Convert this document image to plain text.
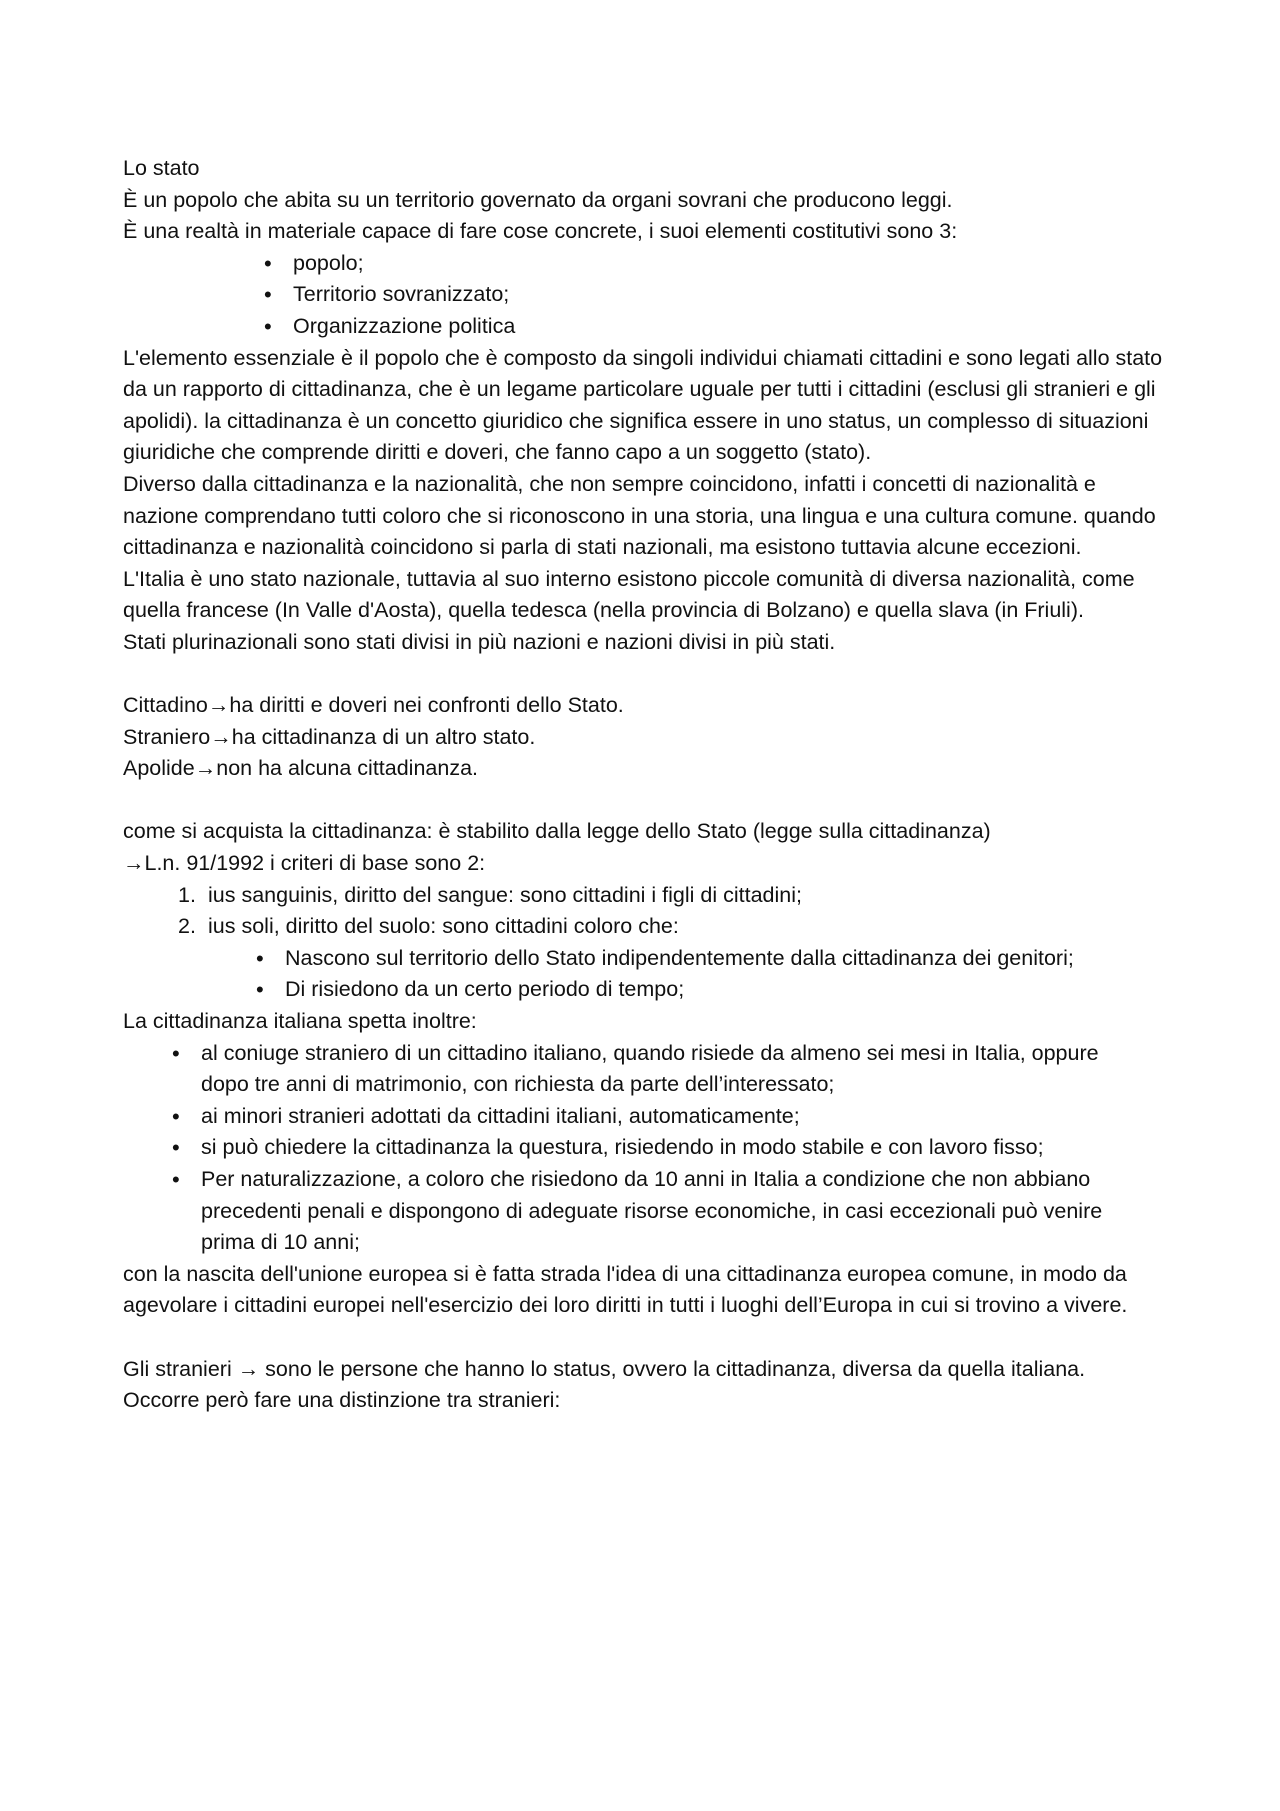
Lo stato
È un popolo che abita su un territorio governato da organi sovrani che producono leggi.
È una realtà in materiale capace di fare cose concrete, i suoi elementi costitutivi sono 3:
• popolo;
• Territorio sovranizzato;
• Organizzazione politica
L'elemento essenziale è il popolo che è composto da singoli individui chiamati cittadini e sono legati allo stato da un rapporto di cittadinanza, che è un legame particolare uguale per tutti i cittadini (esclusi gli stranieri e gli apolidi). la cittadinanza è un concetto giuridico che significa essere in uno status, un complesso di situazioni giuridiche che comprende diritti e doveri, che fanno capo a un soggetto (stato).
Diverso dalla cittadinanza e la nazionalità, che non sempre coincidono, infatti i concetti di nazionalità e nazione comprendano tutti coloro che si riconoscono in una storia, una lingua e una cultura comune. quando cittadinanza e nazionalità coincidono si parla di stati nazionali, ma esistono tuttavia alcune eccezioni.
L'Italia è uno stato nazionale, tuttavia al suo interno esistono piccole comunità di diversa nazionalità, come quella francese (In Valle d'Aosta), quella tedesca (nella provincia di Bolzano) e quella slava (in Friuli).
Stati plurinazionali sono stati divisi in più nazioni e nazioni divisi in più stati.
Cittadino→ha diritti e doveri nei confronti dello Stato.
Straniero→ha cittadinanza di un altro stato.
Apolide→non ha alcuna cittadinanza.
come si acquista la cittadinanza: è stabilito dalla legge dello Stato (legge sulla cittadinanza)
→L.n. 91/1992 i criteri di base sono 2:
1. ius sanguinis, diritto del sangue: sono cittadini i figli di cittadini;
2. ius soli, diritto del suolo: sono cittadini coloro che:
• Nascono sul territorio dello Stato indipendentemente dalla cittadinanza dei genitori;
• Di risiedono da un certo periodo di tempo;
La cittadinanza italiana spetta inoltre:
• al coniuge straniero di un cittadino italiano, quando risiede da almeno sei mesi in Italia, oppure dopo tre anni di matrimonio, con richiesta da parte dell’interessato;
• ai minori stranieri adottati da cittadini italiani, automaticamente;
• si può chiedere la cittadinanza la questura, risiedendo in modo stabile e con lavoro fisso;
• Per naturalizzazione, a coloro che risiedono da 10 anni in Italia a condizione che non abbiano precedenti penali e dispongono di adeguate risorse economiche, in casi eccezionali può venire prima di 10 anni;
con la nascita dell'unione europea si è fatta strada l'idea di una cittadinanza europea comune, in modo da agevolare i cittadini europei nell'esercizio dei loro diritti in tutti i luoghi dell’Europa in cui si trovino a vivere.
Gli stranieri → sono le persone che hanno lo status, ovvero la cittadinanza, diversa da quella italiana.
Occorre però fare una distinzione tra stranieri:
